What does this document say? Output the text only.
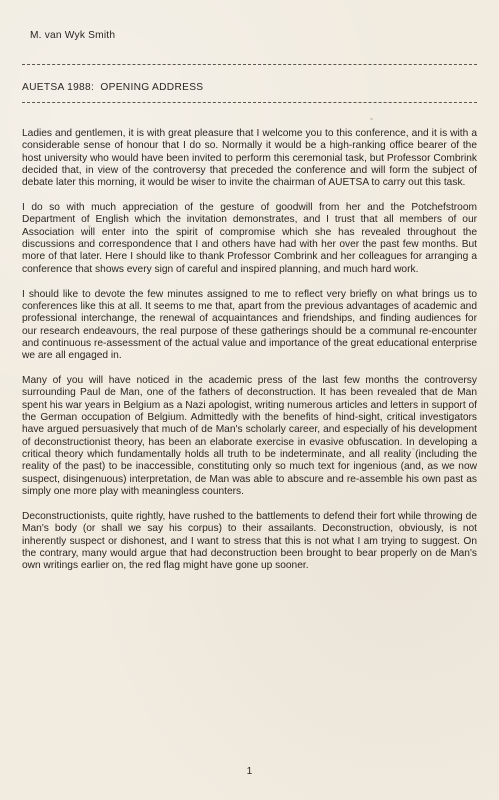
M. van Wyk Smith
AUETSA 1988:  OPENING ADDRESS

Ladies and gentlemen, it is with great pleasure that I welcome you to this conference, and it is with a considerable sense of honour that I do so. Normally it would be a high-ranking office bearer of the host university who would have been invited to perform this ceremonial task, but Professor Combrink decided that, in view of the controversy that preceded the conference and will form the subject of debate later this morning, it would be wiser to invite the chairman of AUETSA to carry out this task.

I do so with much appreciation of the gesture of goodwill from her and the Potchefstroom Department of English which the invitation demonstrates, and I trust that all members of our Association will enter into the spirit of compromise which she has revealed throughout the discussions and correspondence that I and others have had with her over the past few months. But more of that later. Here I should like to thank Professor Combrink and her colleagues for arranging a conference that shows every sign of careful and inspired planning, and much hard work.

I should like to devote the few minutes assigned to me to reflect very briefly on what brings us to conferences like this at all. It seems to me that, apart from the previous advantages of academic and professional interchange, the renewal of acquaintances and friendships, and finding audiences for our research endeavours, the real purpose of these gatherings should be a communal re-encounter and continuous re-assessment of the actual value and importance of the great educational enterprise we are all engaged in.

Many of you will have noticed in the academic press of the last few months the controversy surrounding Paul de Man, one of the fathers of deconstruction. It has been revealed that de Man spent his war years in Belgium as a Nazi apologist, writing numerous articles and letters in support of the German occupation of Belgium. Admittedly with the benefits of hind-sight, critical investigators have argued persuasively that much of de Man's scholarly career, and especially of his development of deconstructionist theory, has been an elaborate exercise in evasive obfuscation. In developing a critical theory which fundamentally holds all truth to be indeterminate, and all reality (including the reality of the past) to be inaccessible, constituting only so much text for ingenious (and, as we now suspect, disingenuous) interpretation, de Man was able to abscure and re-assemble his own past as simply one more play with meaningless counters.

Deconstructionists, quite rightly, have rushed to the battlements to defend their fort while throwing de Man's body (or shall we say his corpus) to their assailants. Deconstruction, obviously, is not inherently suspect or dishonest, and I want to stress that this is not what I am trying to suggest. On the contrary, many would argue that had deconstruction been brought to bear properly on de Man's own writings earlier on, the red flag might have gone up sooner.

1
